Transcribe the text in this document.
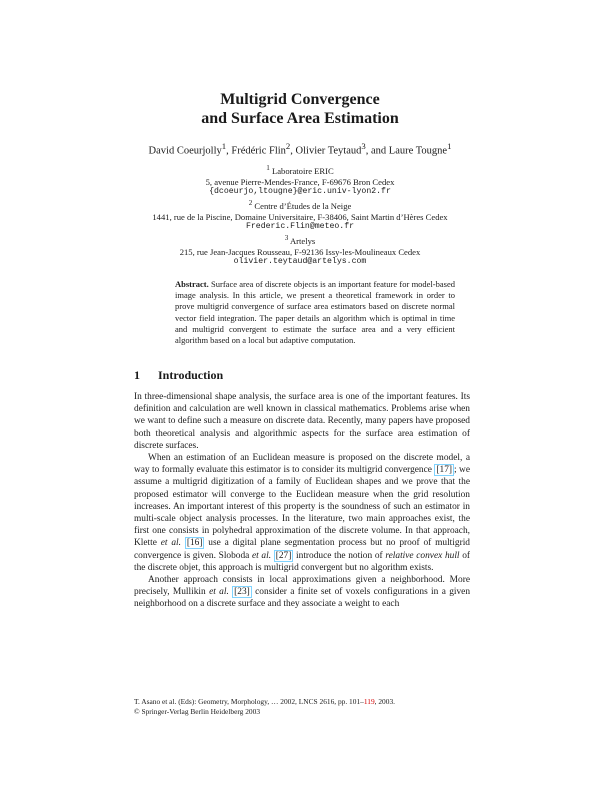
Multigrid Convergence
and Surface Area Estimation
David Coeurjolly$^1$, Frédéric Flin$^2$, Olivier Teytaud$^3$, and Laure Tougne$^1$
$^1$ Laboratoire ERIC
5, avenue Pierre-Mendes-France, F-69676 Bron Cedex
{dcoeurjo,ltougne}@eric.univ-lyon2.fr
$^2$ Centre d’Études de la Neige
1441, rue de la Piscine, Domaine Universitaire, F-38406, Saint Martin d’Hères Cedex
Frederic.Flin@meteo.fr
$^3$ Artelys
215, rue Jean-Jacques Rousseau, F-92136 Issy-les-Moulineaux Cedex
olivier.teytaud@artelys.com
Abstract. Surface area of discrete objects is an important feature for model-based image analysis. In this article, we present a theoretical framework in order to prove multigrid convergence of surface area estimators based on discrete normal vector field integration. The paper details an algorithm which is optimal in time and multigrid convergent to estimate the surface area and a very efficient algorithm based on a local but adaptive computation.
1 Introduction

In three-dimensional shape analysis, the surface area is one of the important features. Its definition and calculation are well known in classical mathematics. Problems arise when we want to define such a measure on discrete data. Recently, many papers have proposed both theoretical analysis and algorithmic aspects for the surface area estimation of discrete surfaces.

When an estimation of an Euclidean measure is proposed on the discrete model, a way to formally evaluate this estimator is to consider its multigrid convergence [17] ; we assume a multigrid digitization of a family of Euclidean shapes and we prove that the proposed estimator will converge to the Euclidean measure when the grid resolution increases. An important interest of this property is the soundness of such an estimator in multi-scale object analysis processes. In the literature, two main approaches exist, the first one consists in polyhedral approximation of the discrete volume. In that approach, Klette et al. [16] use a digital plane segmentation process but no proof of multigrid convergence is given. Sloboda et al. [27] introduce the notion of relative convex hull of the discrete objet, this approach is multigrid convergent but no algorithm exists.

Another approach consists in local approximations given a neighborhood. More precisely, Mullikin et al. [23] consider a finite set of voxels configurations in a given neighborhood on a discrete surface and they associate a weight to each

T. Asano et al. (Eds): Geometry, Morphology, … 2002, LNCS 2616, pp. 101–119, 2003.
© Springer-Verlag Berlin Heidelberg 2003
